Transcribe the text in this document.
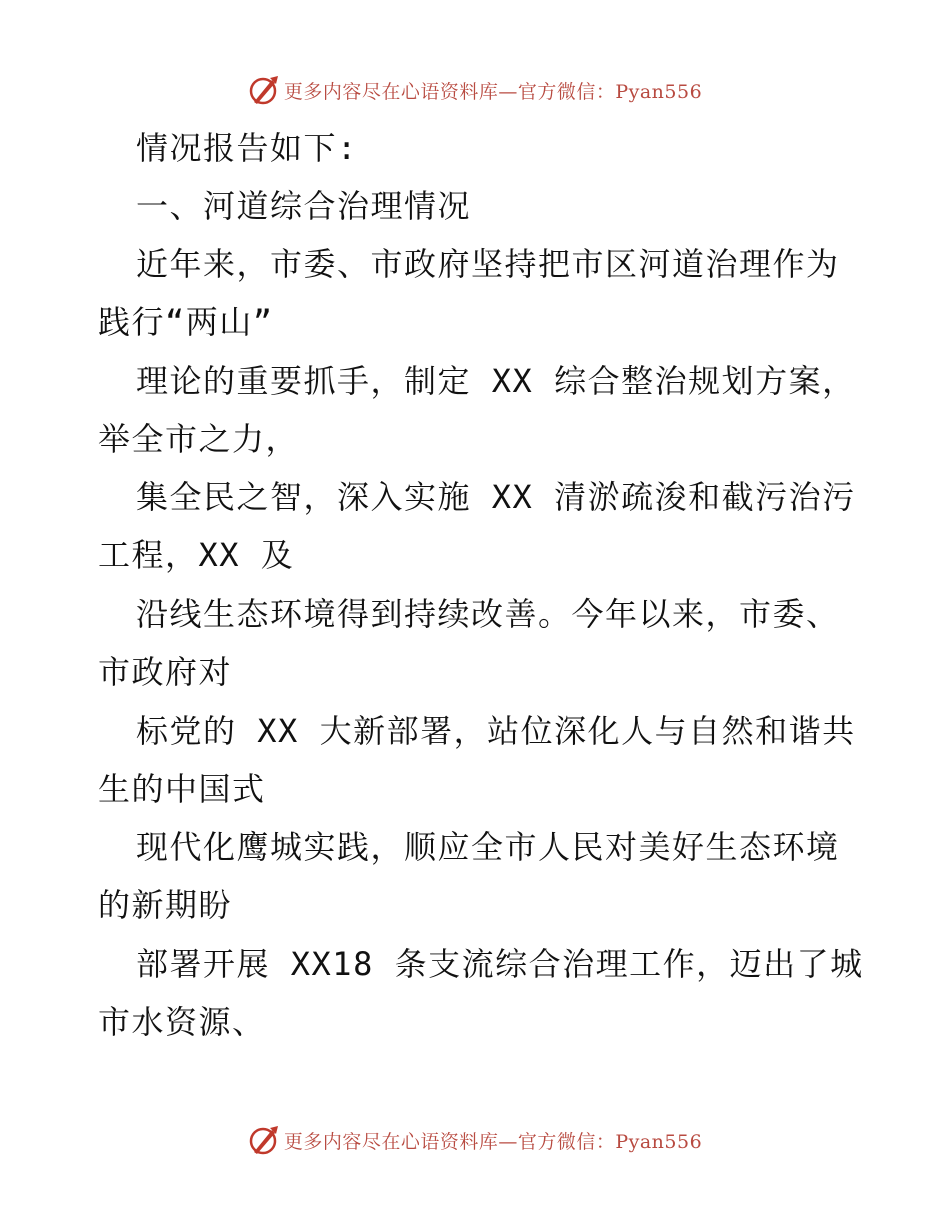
更多内容尽在心语资料库—官方微信：Pyan556
情况报告如下:
一、河道综合治理情况
近年来，市委、市政府坚持把市区河道治理作为
践行“两山”
理论的重要抓手，制定 XX 综合整治规划方案，
举全市之力，
集全民之智，深入实施 XX 清淤疏浚和截污治污
工程，XX 及
沿线生态环境得到持续改善。今年以来，市委、
市政府对
标党的 XX 大新部署，站位深化人与自然和谐共
生的中国式
现代化鹰城实践，顺应全市人民对美好生态环境
的新期盼
部署开展 XX18 条支流综合治理工作，迈出了城
市水资源、
更多内容尽在心语资料库—官方微信：Pyan556
